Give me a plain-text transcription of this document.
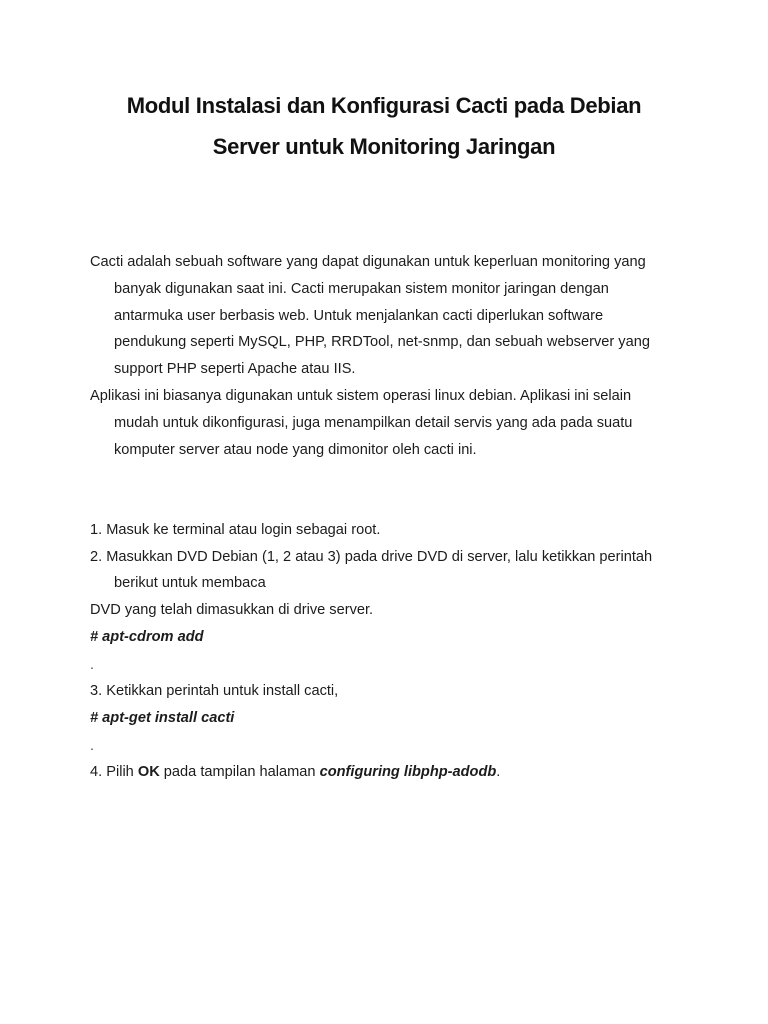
Modul Instalasi dan Konfigurasi Cacti pada Debian
Server untuk Monitoring Jaringan
Cacti adalah sebuah software yang dapat digunakan untuk keperluan monitoring yang
banyak digunakan saat ini. Cacti merupakan sistem monitor jaringan dengan
antarmuka user berbasis web. Untuk menjalankan cacti diperlukan software
pendukung seperti MySQL, PHP, RRDTool, net-snmp, dan sebuah webserver yang
support PHP seperti Apache atau IIS.
Aplikasi ini biasanya digunakan untuk sistem operasi linux debian. Aplikasi ini selain
mudah untuk dikonfigurasi, juga menampilkan detail servis yang ada pada suatu
komputer server atau node yang dimonitor oleh cacti ini.
1. Masuk ke terminal atau login sebagai root.
2. Masukkan DVD Debian (1, 2 atau 3) pada drive DVD di server, lalu ketikkan perintah
berikut untuk membaca
DVD yang telah dimasukkan di drive server.
# apt-cdrom add
.
3. Ketikkan perintah untuk install cacti,
# apt-get install cacti
.
4. Pilih OK pada tampilan halaman configuring libphp-adodb.
